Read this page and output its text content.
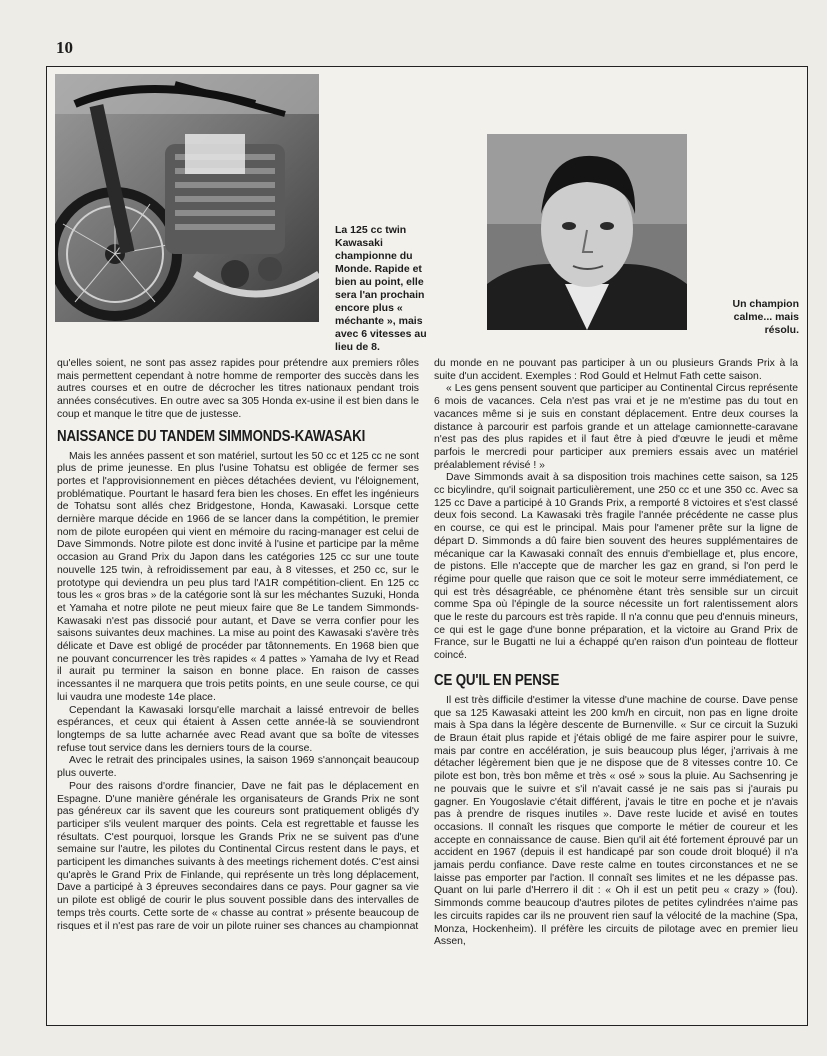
10
La 125 cc twin Kawasaki championne du Monde. Rapide et bien au point, elle sera l'an prochain encore plus « méchante », mais avec 6 vitesses au lieu de 8.
Un champion calme... mais résolu.

qu'elles soient, ne sont pas assez rapides pour prétendre aux premiers rôles mais permettent cependant à notre homme de remporter des succès dans les autres courses et en outre de décrocher les titres nationaux pendant trois années consécutives. En outre avec sa 305 Honda ex-usine il est bien dans le coup et manque le titre que de justesse.

NAISSANCE DU TANDEM SIMMONDS-KAWASAKI

Mais les années passent et son matériel, surtout les 50 cc et 125 cc ne sont plus de prime jeunesse. En plus l'usine Tohatsu est obligée de fermer ses portes et l'approvisionnement en pièces détachées devient, vu l'éloignement, problématique. Pourtant le hasard fera bien les choses. En effet les ingénieurs de Tohatsu sont allés chez Bridgestone, Honda, Kawasaki. Lorsque cette dernière marque décide en 1966 de se lancer dans la compétition, le premier nom de pilote européen qui vient en mémoire du racing-manager est celui de Dave Simmonds. Notre pilote est donc invité à l'usine et participe par la même occasion au Grand Prix du Japon dans les catégories 125 cc sur une toute nouvelle 125 twin, à refroidissement par eau, à 8 vitesses, et 250 cc, sur le prototype qui deviendra un peu plus tard l'A1R compétition-client. En 125 cc tous les « gros bras » de la catégorie sont là sur les méchantes Suzuki, Honda et Yamaha et notre pilote ne peut mieux faire que 8e Le tandem Simmonds-Kawasaki n'est pas dissocié pour autant, et Dave se verra confier pour les saisons suivantes deux machines. La mise au point des Kawasaki s'avère très délicate et Dave est obligé de procéder par tâtonnements. En 1968 bien que ne pouvant concurrencer les très rapides « 4 pattes » Yamaha de Ivy et Read il aurait pu terminer la saison en bonne place. En raison de casses incessantes il ne marquera que trois petits points, en une seule course, ce qui lui vaudra une modeste 14e place.

Cependant la Kawasaki lorsqu'elle marchait a laissé entrevoir de belles espérances, et ceux qui étaient à Assen cette année-là se souviendront longtemps de sa lutte acharnée avec Read avant que sa boîte de vitesses refuse tout service dans les derniers tours de la course.

Avec le retrait des principales usines, la saison 1969 s'annonçait beaucoup plus ouverte.

Pour des raisons d'ordre financier, Dave ne fait pas le déplacement en Espagne. D'une manière générale les organisateurs de Grands Prix ne sont pas généreux car ils savent que les coureurs sont pratiquement obligés d'y participer s'ils veulent marquer des points. Cela est regrettable et fausse les résultats. C'est pourquoi, lorsque les Grands Prix ne se suivent pas d'une semaine sur l'autre, les pilotes du Continental Circus restent dans le pays, et participent les dimanches suivants à des meetings richement dotés. C'est ainsi qu'après le Grand Prix de Finlande, qui représente un très long déplacement, Dave a participé à 3 épreuves secondaires dans ce pays. Pour gagner sa vie un pilote est obligé de courir le plus souvent possible dans des intervalles de temps très courts. Cette sorte de « chasse au contrat » présente beaucoup de risques et il n'est pas rare de voir un pilote ruiner ses chances au championnat

du monde en ne pouvant pas participer à un ou plusieurs Grands Prix à la suite d'un accident. Exemples : Rod Gould et Helmut Fath cette saison.

« Les gens pensent souvent que participer au Continental Circus représente 6 mois de vacances. Cela n'est pas vrai et je ne m'estime pas du tout en vacances même si je suis en constant déplacement. Entre deux courses la distance à parcourir est parfois grande et un attelage camionnette-caravane n'est pas des plus rapides et il faut être à pied d'œuvre le jeudi et même parfois le mercredi pour participer aux premiers essais avec un matériel préalablement révisé ! »

Dave Simmonds avait à sa disposition trois machines cette saison, sa 125 cc bicylindre, qu'il soignait particulièrement, une 250 cc et une 350 cc. Avec sa 125 cc Dave a participé à 10 Grands Prix, a remporté 8 victoires et s'est classé deux fois second. La Kawasaki très fragile l'année précédente ne casse plus en course, ce qui est le principal. Mais pour l'amener prête sur la ligne de départ D. Simmonds a dû faire bien souvent des heures supplémentaires de mécanique car la Kawasaki connaît des ennuis d'embiellage et, plus encore, de pistons. Elle n'accepte que de marcher les gaz en grand, si l'on perd le régime pour quelle que raison que ce soit le moteur serre immédiatement, ce qui est très désagréable, ce phénomène étant très sensible sur un circuit comme Spa où l'épingle de la source nécessite un fort ralentissement alors que le reste du parcours est très rapide. Il n'a connu que peu d'ennuis mineurs, ce qui est le gage d'une bonne préparation, et la victoire au Grand Prix de France, sur le Bugatti ne lui a échappé qu'en raison d'un pointeau de flotteur coincé.

CE QU'IL EN PENSE

Il est très difficile d'estimer la vitesse d'une machine de course. Dave pense que sa 125 Kawasaki atteint les 200 km/h en circuit, non pas en ligne droite mais à Spa dans la légère descente de Burnenville. « Sur ce circuit la Suzuki de Braun était plus rapide et j'étais obligé de me faire aspirer pour le suivre, mais par contre en accélération, je suis beaucoup plus léger, j'arrivais à me détacher légèrement bien que je ne dispose que de 8 vitesses contre 10. Ce pilote est bon, très bon même et très « osé » sous la pluie. Au Sachsenring je ne pouvais que le suivre et s'il n'avait cassé je ne sais pas si j'aurais pu gagner. En Yougoslavie c'était différent, j'avais le titre en poche et je n'avais pas à prendre de risques inutiles ». Dave reste lucide et avisé en toutes occasions. Il connaît les risques que comporte le métier de coureur et les accepte en connaissance de cause. Bien qu'il ait été fortement éprouvé par un accident en 1967 (depuis il est handicapé par son coude droit bloqué) il n'a jamais perdu confiance. Dave reste calme en toutes circonstances et ne se laisse pas emporter par l'action. Il connaît ses limites et ne les dépasse pas. Quant on lui parle d'Herrero il dit : « Oh il est un petit peu « crazy » (fou). Simmonds comme beaucoup d'autres pilotes de petites cylindrées n'aime pas les circuits rapides car ils ne prouvent rien sauf la vélocité de la machine (Spa, Monza, Hockenheim). Il préfère les circuits de pilotage avec en premier lieu Assen,
